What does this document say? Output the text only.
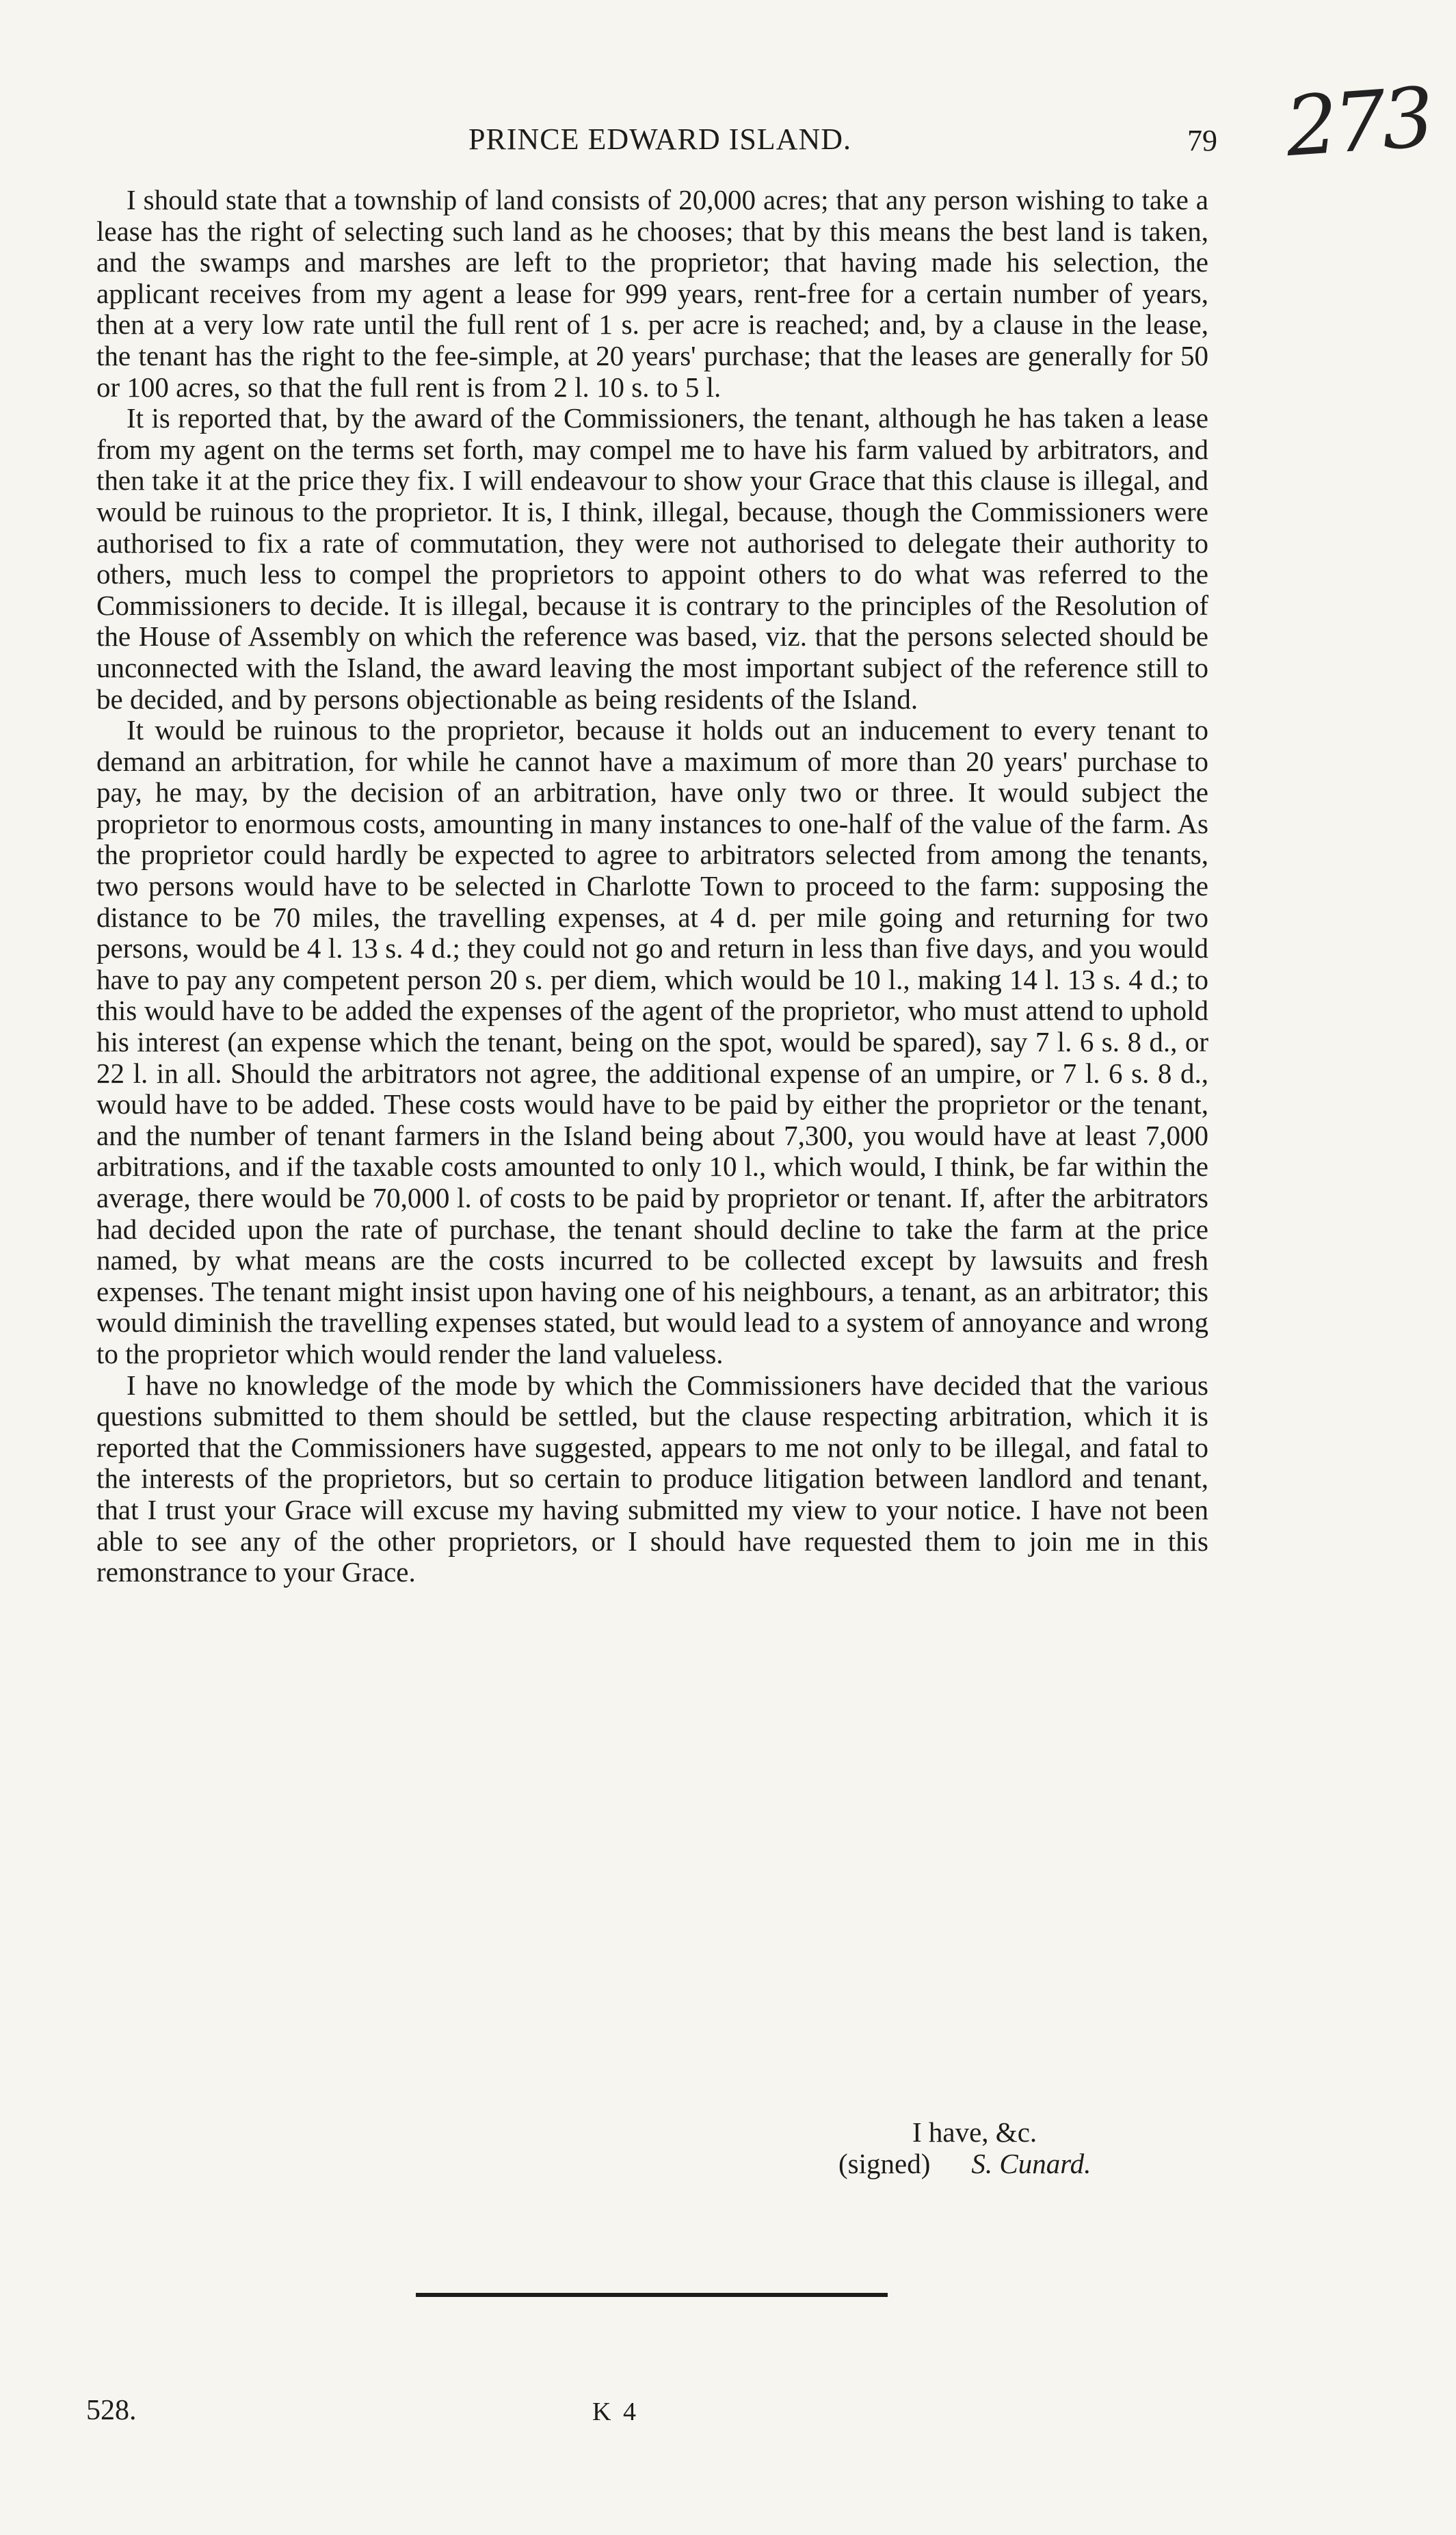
273
PRINCE EDWARD ISLAND.	79

I should state that a township of land consists of 20,000 acres; that any person wishing to take a lease has the right of selecting such land as he chooses; that by this means the best land is taken, and the swamps and marshes are left to the proprietor; that having made his selection, the applicant receives from my agent a lease for 999 years, rent-free for a certain number of years, then at a very low rate until the full rent of 1 s. per acre is reached; and, by a clause in the lease, the tenant has the right to the fee-simple, at 20 years' purchase; that the leases are generally for 50 or 100 acres, so that the full rent is from 2 l. 10 s. to 5 l.

It is reported that, by the award of the Commissioners, the tenant, although he has taken a lease from my agent on the terms set forth, may compel me to have his farm valued by arbitrators, and then take it at the price they fix. I will endeavour to show your Grace that this clause is illegal, and would be ruinous to the proprietor. It is, I think, illegal, because, though the Commissioners were authorised to fix a rate of commutation, they were not authorised to delegate their authority to others, much less to compel the proprietors to appoint others to do what was referred to the Commissioners to decide. It is illegal, because it is contrary to the principles of the Resolution of the House of Assembly on which the reference was based, viz. that the persons selected should be unconnected with the Island, the award leaving the most important subject of the reference still to be decided, and by persons objectionable as being residents of the Island.

It would be ruinous to the proprietor, because it holds out an inducement to every tenant to demand an arbitration, for while he cannot have a maximum of more than 20 years' purchase to pay, he may, by the decision of an arbitration, have only two or three. It would subject the proprietor to enormous costs, amounting in many instances to one-half of the value of the farm. As the proprietor could hardly be expected to agree to arbitrators selected from among the tenants, two persons would have to be selected in Charlotte Town to proceed to the farm: supposing the distance to be 70 miles, the travelling expenses, at 4 d. per mile going and returning for two persons, would be 4 l. 13 s. 4 d.; they could not go and return in less than five days, and you would have to pay any competent person 20 s. per diem, which would be 10 l., making 14 l. 13 s. 4 d.; to this would have to be added the expenses of the agent of the proprietor, who must attend to uphold his interest (an expense which the tenant, being on the spot, would be spared), say 7 l. 6 s. 8 d., or 22 l. in all. Should the arbitrators not agree, the additional expense of an umpire, or 7 l. 6 s. 8 d., would have to be added. These costs would have to be paid by either the proprietor or the tenant, and the number of tenant farmers in the Island being about 7,300, you would have at least 7,000 arbitrations, and if the taxable costs amounted to only 10 l., which would, I think, be far within the average, there would be 70,000 l. of costs to be paid by proprietor or tenant. If, after the arbitrators had decided upon the rate of purchase, the tenant should decline to take the farm at the price named, by what means are the costs incurred to be collected except by lawsuits and fresh expenses. The tenant might insist upon having one of his neighbours, a tenant, as an arbitrator; this would diminish the travelling expenses stated, but would lead to a system of annoyance and wrong to the proprietor which would render the land valueless.

I have no knowledge of the mode by which the Commissioners have decided that the various questions submitted to them should be settled, but the clause respecting arbitration, which it is reported that the Commissioners have suggested, appears to me not only to be illegal, and fatal to the interests of the proprietors, but so certain to produce litigation between landlord and tenant, that I trust your Grace will excuse my having submitted my view to your notice. I have not been able to see any of the other proprietors, or I should have requested them to join me in this remonstrance to your Grace.

I have, &c.
(signed) S. Cunard.
528.	K 4
